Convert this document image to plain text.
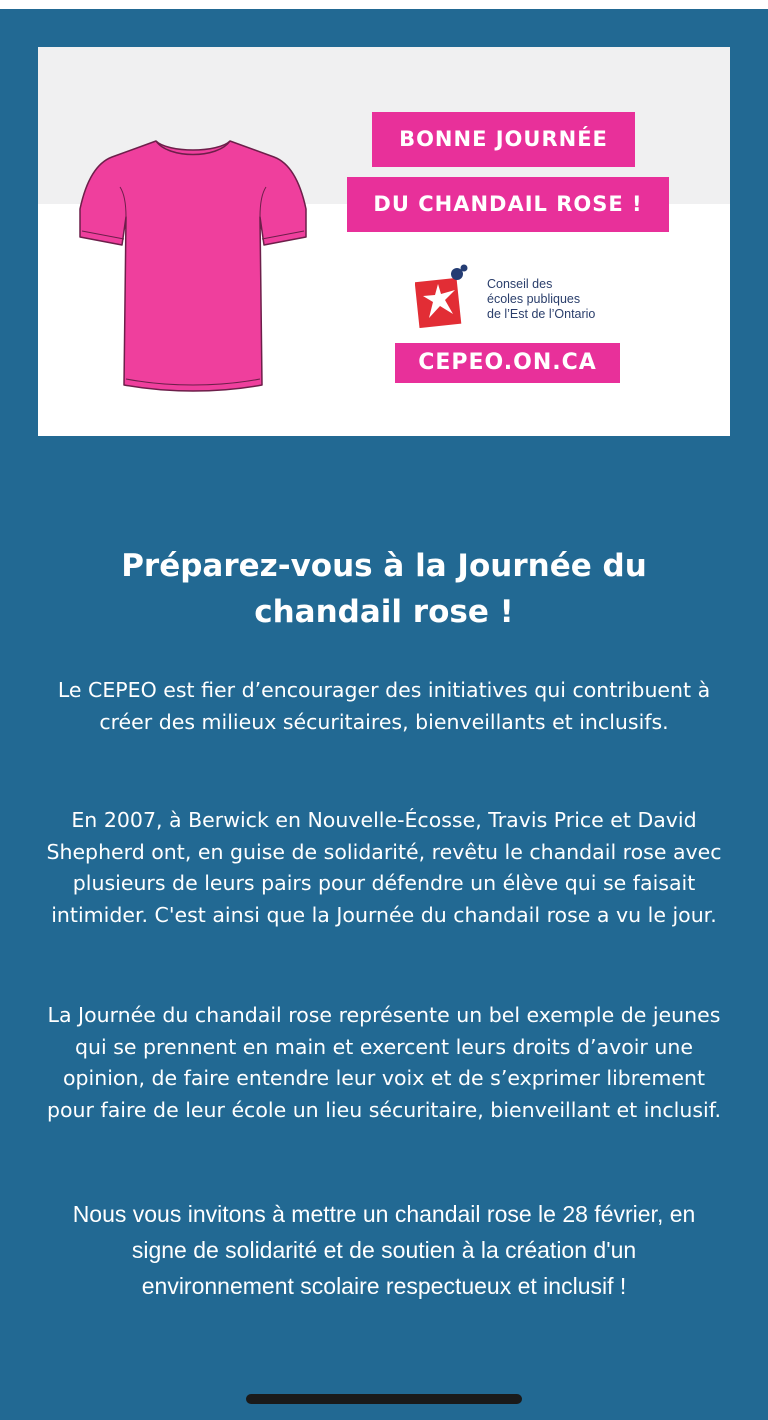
BONNE JOURNÉE
DU CHANDAIL ROSE !
Conseil des
écoles publiques
de l’Est de l’Ontario
CEPEO.ON.CA
Préparez-vous à la Journée du chandail rose !

Le CEPEO est fier d’encourager des initiatives qui contribuent à créer des milieux sécuritaires, bienveillants et inclusifs.

En 2007, à Berwick en Nouvelle-Écosse, Travis Price et David Shepherd ont, en guise de solidarité, revêtu le chandail rose avec plusieurs de leurs pairs pour défendre un élève qui se faisait intimider. C'est ainsi que la Journée du chandail rose a vu le jour.

La Journée du chandail rose représente un bel exemple de jeunes qui se prennent en main et exercent leurs droits d’avoir une opinion, de faire entendre leur voix et de s’exprimer librement pour faire de leur école un lieu sécuritaire, bienveillant et inclusif.

Nous vous invitons à mettre un chandail rose le 28 février, en signe de solidarité et de soutien à la création d'un environnement scolaire respectueux et inclusif !
